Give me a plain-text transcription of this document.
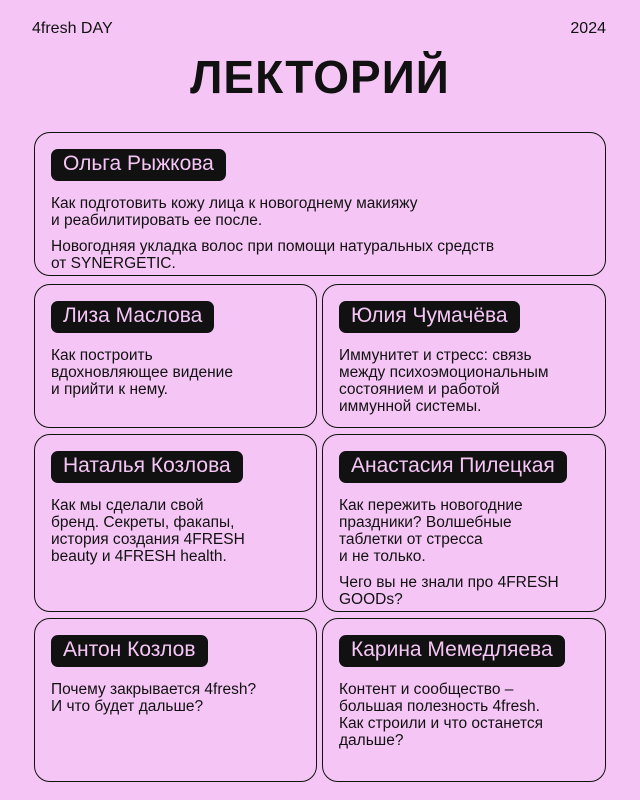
4fresh DAY	2024
ЛЕКТОРИЙ
Ольга Рыжкова

Как подготовить кожу лица к новогоднему макияжу
и реабилитировать ее после.

Новогодняя укладка волос при помощи натуральных средств
от SYNERGETIC.

Лиза Маслова

Как построить
вдохновляющее видение
и прийти к нему.

Юлия Чумачёва

Иммунитет и стресс: связь
между психоэмоциональным
состоянием и работой
иммунной системы.

Наталья Козлова

Как мы сделали свой
бренд. Секреты, факапы,
история создания 4FRESH
beauty и 4FRESH health.

Анастасия Пилецкая

Как пережить новогодние
праздники? Волшебные
таблетки от стресса
и не только.

Чего вы не знали про 4FRESH
GOODs?

Антон Козлов

Почему закрывается 4fresh?
И что будет дальше?

Карина Мемедляева

Контент и сообщество –
большая полезность 4fresh.
Как строили и что останется
дальше?
